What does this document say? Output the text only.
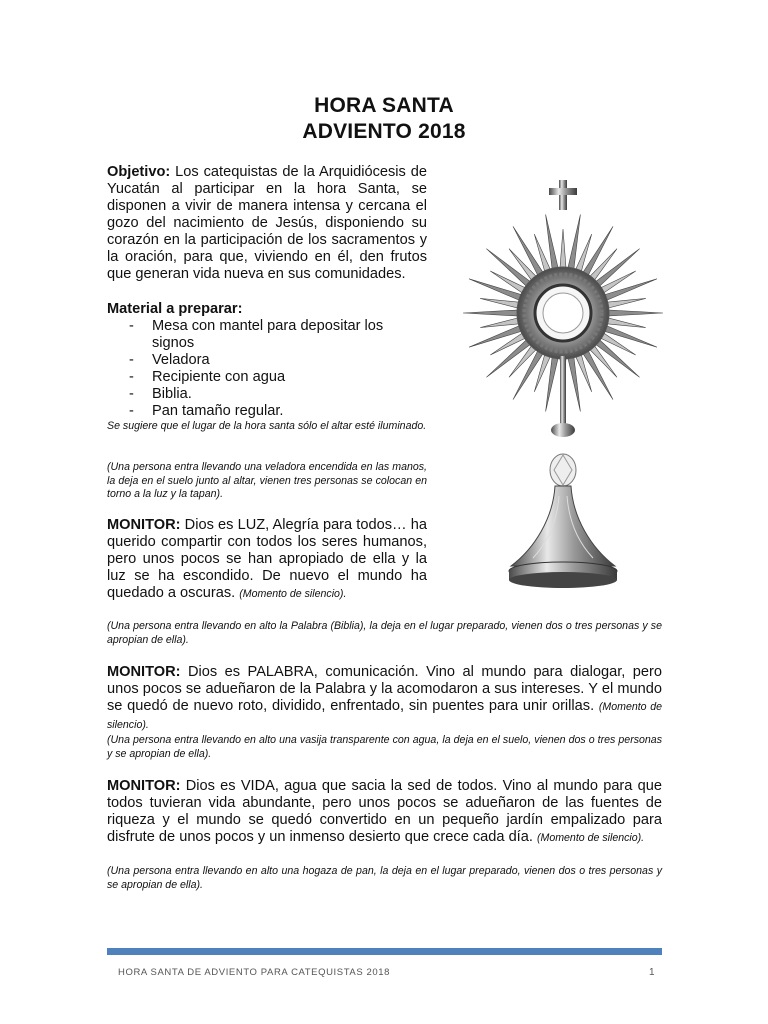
HORA SANTA
ADVIENTO 2018
Objetivo: Los catequistas de la Arquidiócesis de Yucatán al participar en la hora Santa, se disponen a vivir de manera intensa y cercana el gozo del nacimiento de Jesús, disponiendo su corazón en la participación de los sacramentos y la oración, para que, viviendo en él, den frutos que generan vida nueva en sus comunidades.
Material a preparar:
- Mesa con mantel para depositar los signos
- Veladora
- Recipiente con agua
- Biblia.
- Pan tamaño regular.
Se sugiere que el lugar de la hora santa sólo el altar esté iluminado.
(Una persona entra llevando una veladora encendida en las manos, la deja en el suelo junto al altar, vienen tres personas se colocan en torno a la luz y la tapan).
MONITOR: Dios es LUZ, Alegría para todos… ha querido compartir con todos los seres humanos, pero unos pocos se han apropiado de ella y la luz se ha escondido. De nuevo el mundo ha quedado a oscuras. (Momento de silencio).
(Una persona entra llevando en alto la Palabra (Biblia), la deja en el lugar preparado, vienen dos o tres personas y se apropian de ella).
MONITOR: Dios es PALABRA, comunicación. Vino al mundo para dialogar, pero unos pocos se adueñaron de la Palabra y la acomodaron a sus intereses. Y el mundo se quedó de nuevo roto, dividido, enfrentado, sin puentes para unir orillas. (Momento de silencio).
(Una persona entra llevando en alto una vasija transparente con agua, la deja en el suelo, vienen dos o tres personas y se apropian de ella).
MONITOR: Dios es VIDA, agua que sacia la sed de todos. Vino al mundo para que todos tuvieran vida abundante, pero unos pocos se adueñaron de las fuentes de riqueza y el mundo se quedó convertido en un pequeño jardín empalizado para disfrute de unos pocos y un inmenso desierto que crece cada día. (Momento de silencio).
(Una persona entra llevando en alto una hogaza de pan, la deja en el lugar preparado, vienen dos o tres personas y se apropian de ella).
HORA SANTA DE ADVIENTO PARA CATEQUISTAS 2018	1
